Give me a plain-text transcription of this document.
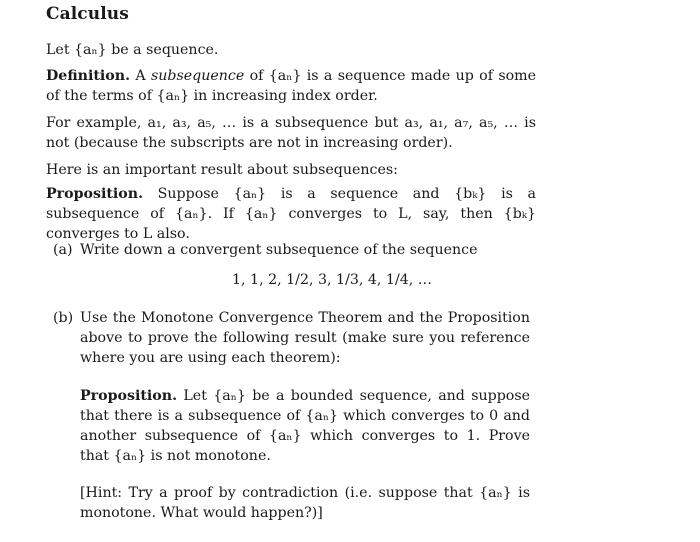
Calculus
Let {aₙ} be a sequence.
Definition. A subsequence of {aₙ} is a sequence made up of some of the terms of {aₙ} in increasing index order.
For example, a₁, a₃, a₅, … is a subsequence but a₃, a₁, a₇, a₅, … is not (because the subscripts are not in increasing order).
Here is an important result about subsequences:
Proposition. Suppose {aₙ} is a sequence and {bₖ} is a subsequence of {aₙ}. If {aₙ} converges to L, say, then {bₖ} converges to L also.
(a) Write down a convergent subsequence of the sequence
1, 1, 2, 1/2, 3, 1/3, 4, 1/4, …
(b) Use the Monotone Convergence Theorem and the Proposition above to prove the following result (make sure you reference where you are using each theorem):
Proposition. Let {aₙ} be a bounded sequence, and suppose that there is a subsequence of {aₙ} which converges to 0 and another subsequence of {aₙ} which converges to 1. Prove that {aₙ} is not monotone.
[Hint: Try a proof by contradiction (i.e. suppose that {aₙ} is monotone. What would happen?)]
